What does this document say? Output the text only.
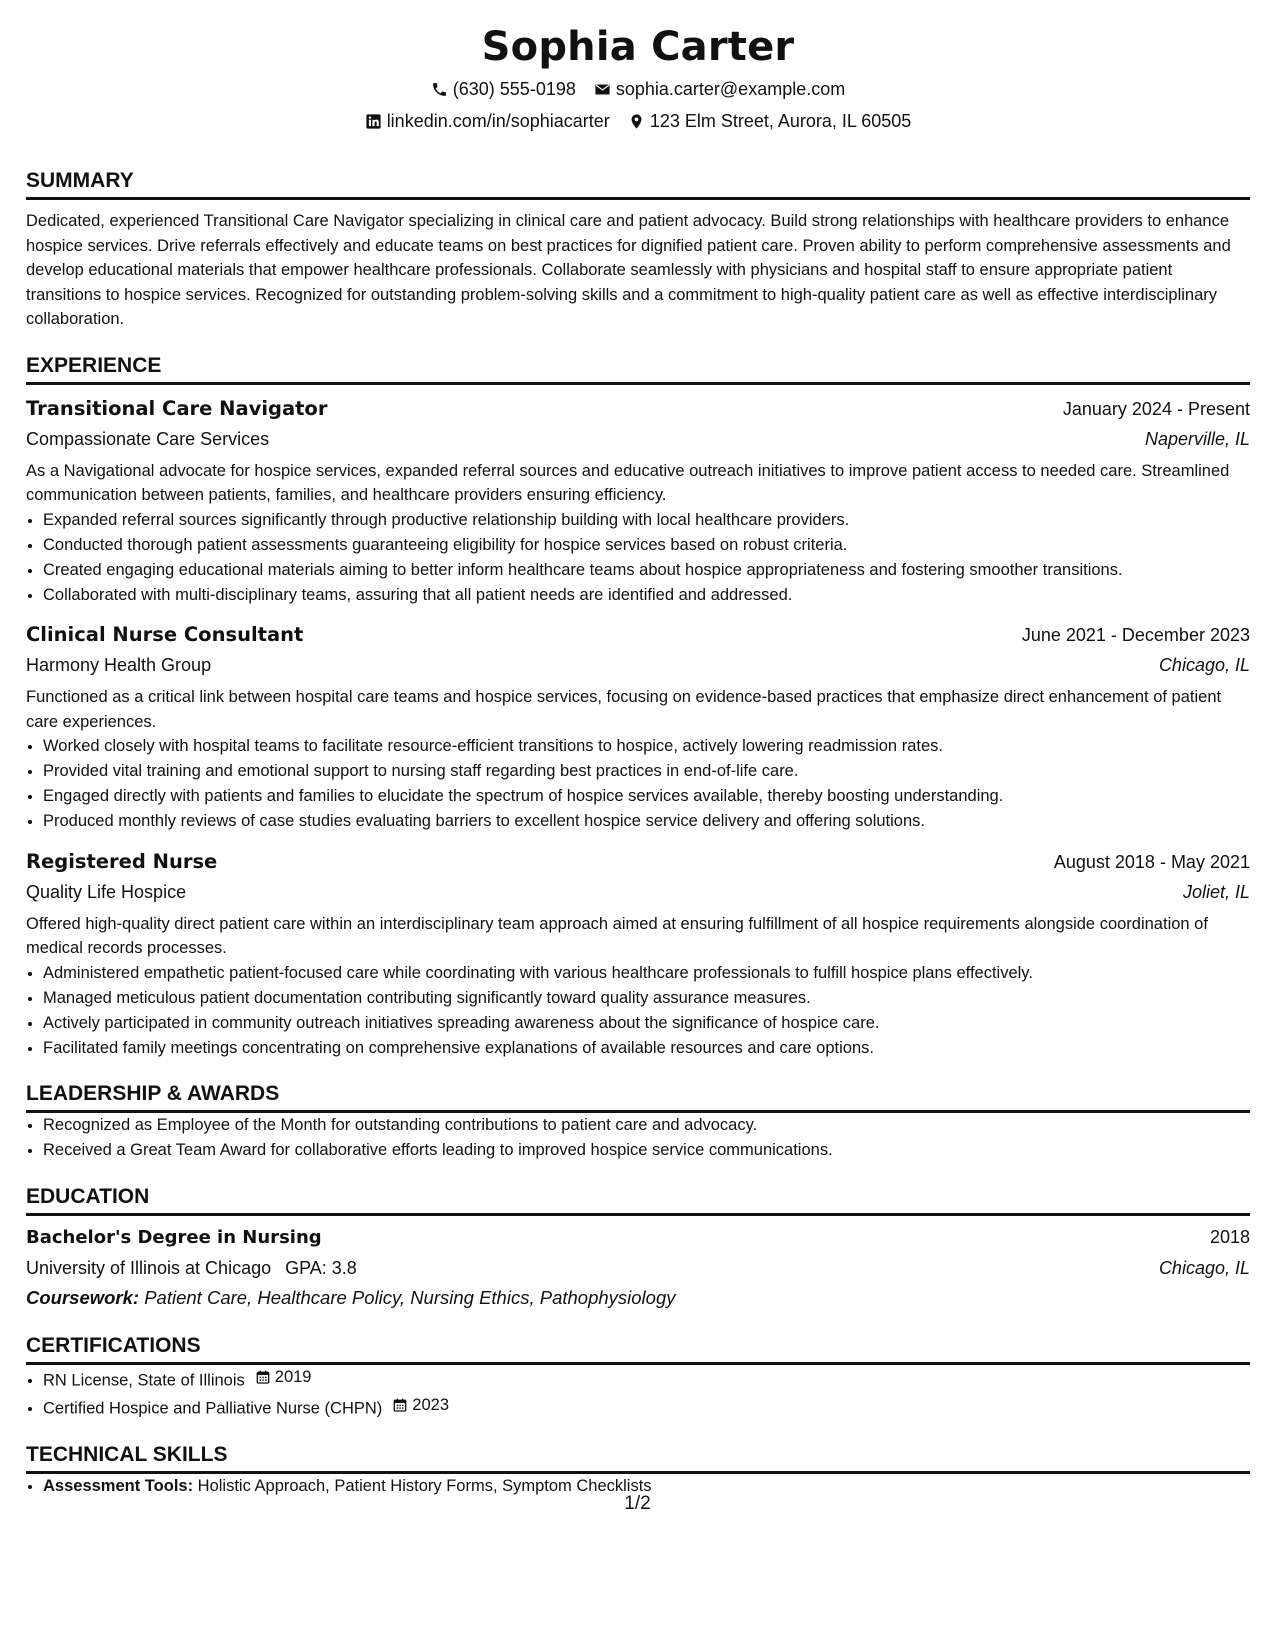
Sophia Carter
(630) 555-0198 sophia.carter@example.com
linkedin.com/in/sophiacarter 123 Elm Street, Aurora, IL 60505
SUMMARY

Dedicated, experienced Transitional Care Navigator specializing in clinical care and patient advocacy. Build strong relationships with healthcare providers to enhance hospice services. Drive referrals effectively and educate teams on best practices for dignified patient care. Proven ability to perform comprehensive assessments and develop educational materials that empower healthcare professionals. Collaborate seamlessly with physicians and hospital staff to ensure appropriate patient transitions to hospice services. Recognized for outstanding problem-solving skills and a commitment to high-quality patient care as well as effective interdisciplinary collaboration.

EXPERIENCE
Transitional Care Navigator	January 2024 - Present
Compassionate Care Services	Naperville, IL

As a Navigational advocate for hospice services, expanded referral sources and educative outreach initiatives to improve patient access to needed care. Streamlined communication between patients, families, and healthcare providers ensuring efficiency.

• Expanded referral sources significantly through productive relationship building with local healthcare providers.
• Conducted thorough patient assessments guaranteeing eligibility for hospice services based on robust criteria.
• Created engaging educational materials aiming to better inform healthcare teams about hospice appropriateness and fostering smoother transitions.
• Collaborated with multi-disciplinary teams, assuring that all patient needs are identified and addressed.
Clinical Nurse Consultant	June 2021 - December 2023
Harmony Health Group	Chicago, IL

Functioned as a critical link between hospital care teams and hospice services, focusing on evidence-based practices that emphasize direct enhancement of patient care experiences.

• Worked closely with hospital teams to facilitate resource-efficient transitions to hospice, actively lowering readmission rates.
• Provided vital training and emotional support to nursing staff regarding best practices in end-of-life care.
• Engaged directly with patients and families to elucidate the spectrum of hospice services available, thereby boosting understanding.
• Produced monthly reviews of case studies evaluating barriers to excellent hospice service delivery and offering solutions.
Registered Nurse	August 2018 - May 2021
Quality Life Hospice	Joliet, IL

Offered high-quality direct patient care within an interdisciplinary team approach aimed at ensuring fulfillment of all hospice requirements alongside coordination of medical records processes.

• Administered empathetic patient-focused care while coordinating with various healthcare professionals to fulfill hospice plans effectively.
• Managed meticulous patient documentation contributing significantly toward quality assurance measures.
• Actively participated in community outreach initiatives spreading awareness about the significance of hospice care.
• Facilitated family meetings concentrating on comprehensive explanations of available resources and care options.
LEADERSHIP & AWARDS
• Recognized as Employee of the Month for outstanding contributions to patient care and advocacy.
• Received a Great Team Award for collaborative efforts leading to improved hospice service communications.
EDUCATION
Bachelor's Degree in Nursing	2018
University of Illinois at Chicago GPA: 3.8	Chicago, IL
Coursework: Patient Care, Healthcare Policy, Nursing Ethics, Pathophysiology
CERTIFICATIONS
• RN License, State of Illinois 2019
• Certified Hospice and Palliative Nurse (CHPN) 2023
TECHNICAL SKILLS
• Assessment Tools: Holistic Approach, Patient History Forms, Symptom Checklists
1/2
